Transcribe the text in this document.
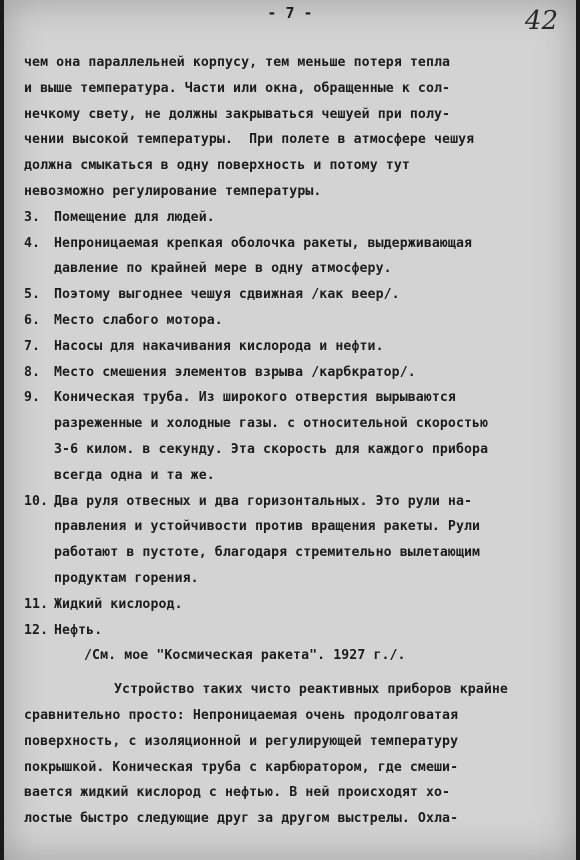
- 7 -	42
чем она параллельней корпусу, тем меньше потеря тепла
и выше температура. Части или окна, обращенные к сол-
нечкому свету, не должны закрываться чешуей при полу-
чении высокой температуры.  При полете в атмосфере чешуя
должна смыкаться в одну поверхность и потому тут
невозможно регулирование температуры.
3. Помещение для людей.
4. Непроницаемая крепкая оболочка ракеты, выдерживающая
давление по крайней мере в одну атмосферу.
5. Поэтому выгоднее чешуя сдвижная /как веер/.
6. Место слабого мотора.
7. Насосы для накачивания кислорода и нефти.
8. Место смешения элементов взрыва /карбкратор/.
9. Коническая труба. Из широкого отверстия вырываются
разреженные и холодные газы. с относительной скоростью
3-6 килом. в секунду. Эта скорость для каждого прибора
всегда одна и та же.
10. Два руля отвесных и два горизонтальных. Это рули на-
правления и устойчивости против вращения ракеты. Рули
работают в пустоте, благодаря стремительно вылетающим
продуктам горения.
11. Жидкий кислород.
12. Нефть.
/См. мое "Космическая ракета". 1927 г./.
Устройство таких чисто реактивных приборов крайне
сравнительно просто: Непроницаемая очень продолговатая
поверхность, с изоляционной и регулирующей температуру
покрышкой. Коническая труба с карбюратором, где смеши-
вается жидкий кислород с нефтью. В ней происходят хо-
лостые быстро следующие друг за другом выстрелы. Охла-
